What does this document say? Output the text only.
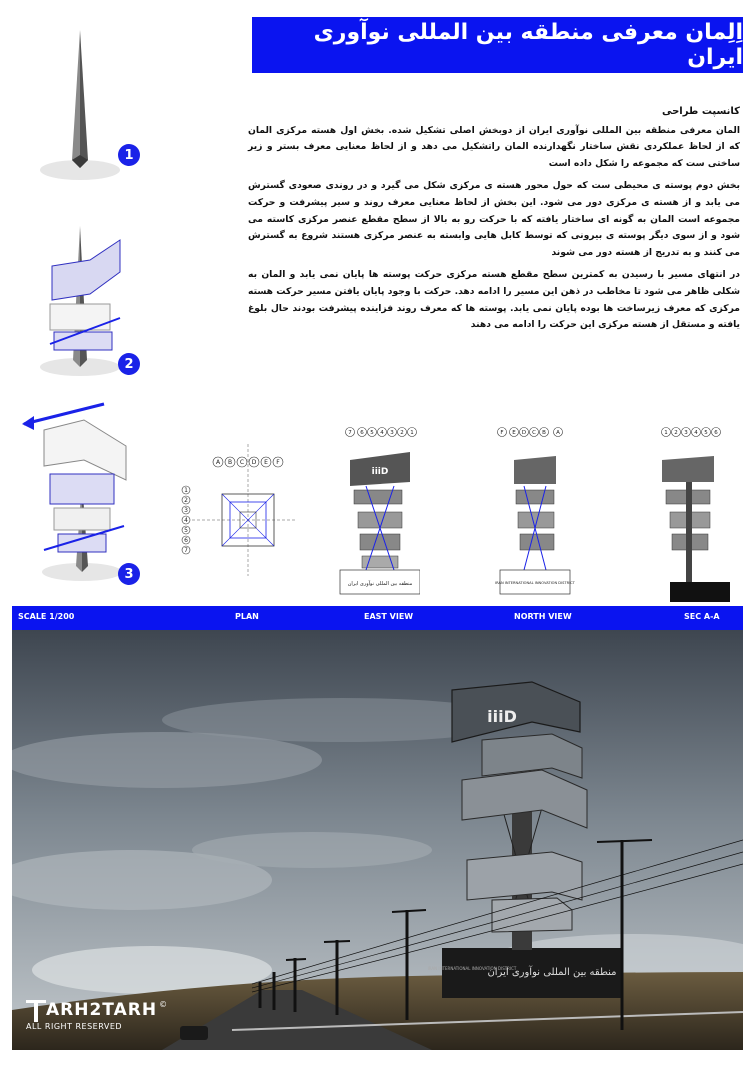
اِلِمان معرفی منطقه بین المللی نوآوری ایران
کانسپت طراحی

المان معرفی منطقه بین المللی نوآوری ایران از دوبخش اصلی تشکیل شده. بخش اول هسته مرکزی المان که از لحاظ عملکردی نقش ساختار نگهدارنده المان راتشکیل می دهد و از لحاظ معنایی معرف بستر و زیر ساختی ست که مجموعه را شکل داده است

بخش دوم پوسته ی محیطی ست که حول محور هسته ی مرکزی شکل می گیرد و در روندی صعودی گسترش می یابد و از هسته ی مرکزی دور می شود. این بخش از لحاظ معنایی معرف روند و سیر پیشرفت و حرکت مجموعه است المان به گونه ای ساختار یافته که با حرکت رو به بالا از سطح مقطع عنصر مرکزی کاسته می شود و از سوی دیگر پوسته ی بیرونی که توسط کابل هایی وابسته به عنصر مرکزی هستند شروع به گسترش می کنند و به تدریج از هسته دور می شوند

در انتهای مسیر با رسیدن به کمترین سطح مقطع هسته مرکزی حرکت پوسته ها پایان نمی یابد و المان به شکلی ظاهر می شود تا مخاطب در ذهن این مسیر را ادامه دهد. حرکت با وجود پایان یافتن مسیر حرکت هسته مرکزی که معرف زیرساخت ها بوده پایان نمی یابد. پوسته ها که معرف روند فزاینده پیشرفت بودند حال بلوغ یافته و مستقل از هسته مرکزی این حرکت را ادامه می دهند

1
2
3
A B C D E F
1
2
3
4
5
6
7
7 6 5 4 3 2 1
iiiD
منطقه بین المللی نوآوری ایران
F E D C B A
IRAN INTERNATIONAL INNOVATION DISTRICT
1 2 3 4 5 6
SCALE 1/200	PLAN	EAST VIEW	NORTH VIEW	SEC A-A
منطقه بین المللی نوآوری ایران
IRAN INTERNATIONAL INNOVATION DISTRICT
iiiD
ARH2TARH ©
ALL RIGHT RESERVED
